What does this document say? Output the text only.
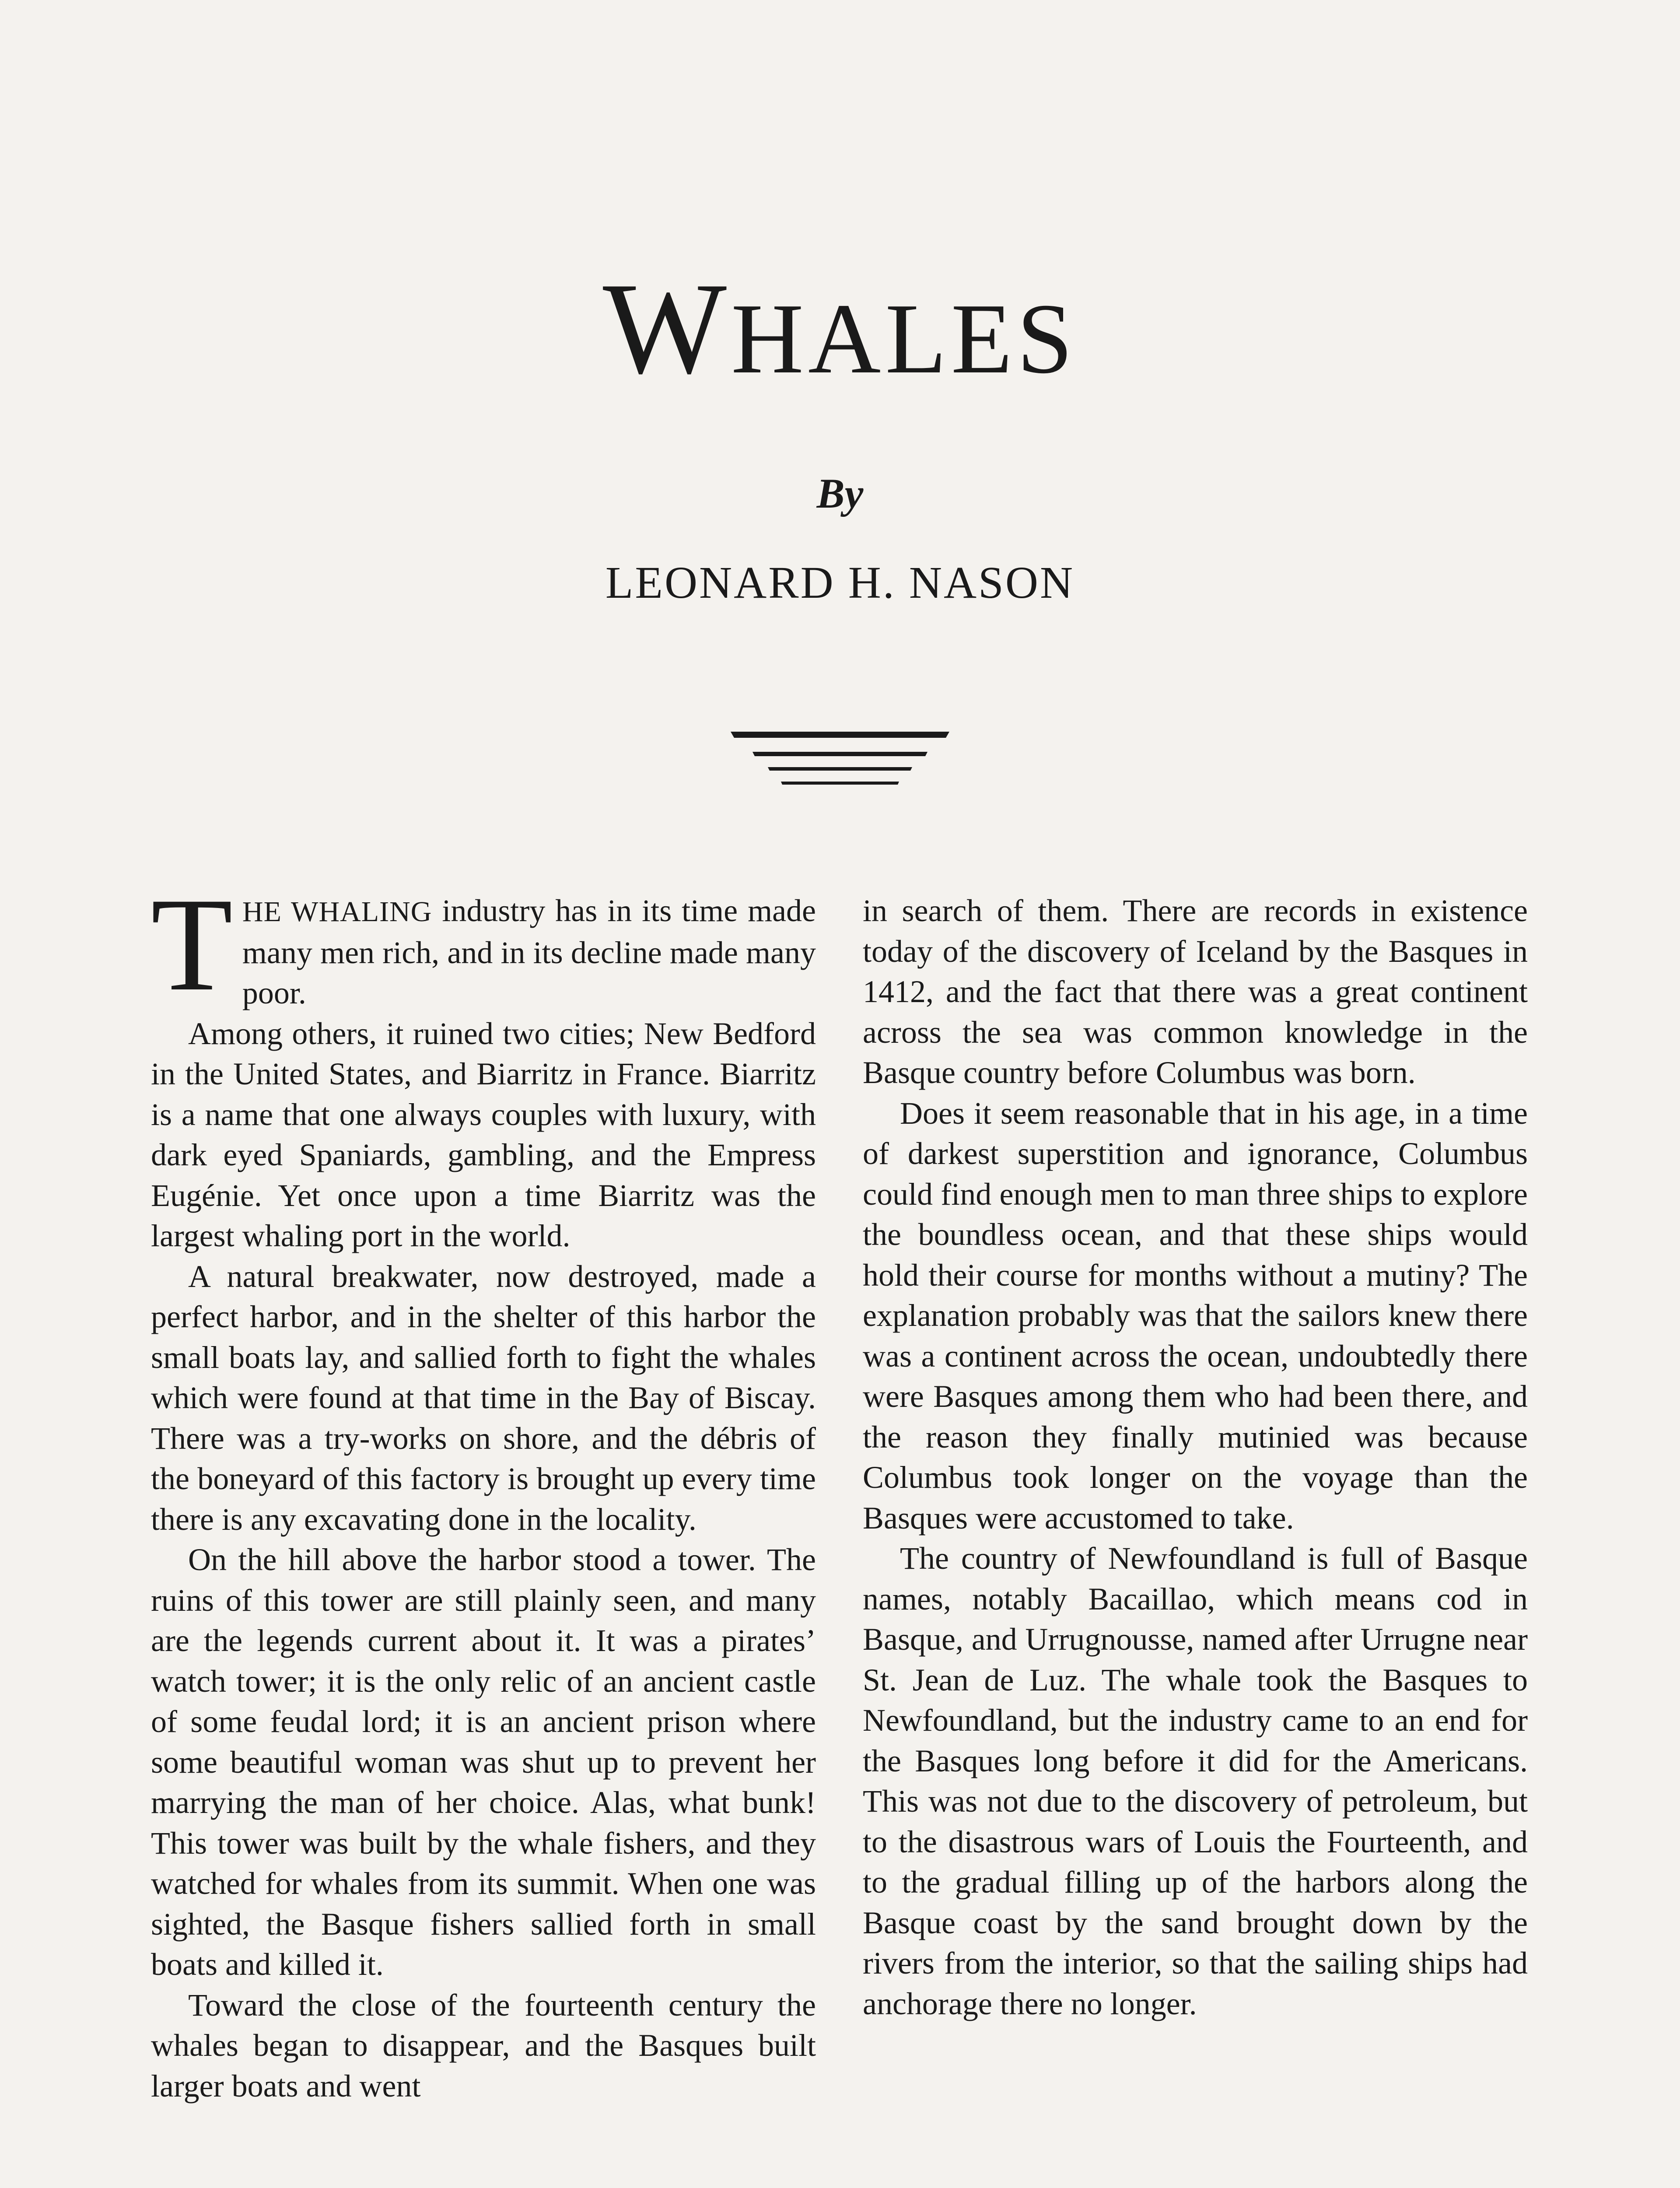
WHALES
By
LEONARD H. NASON

THE WHALING industry has in its time made many men rich, and in its decline made many poor.

Among others, it ruined two cities; New Bedford in the United States, and Biarritz in France. Biarritz is a name that one always couples with luxury, with dark eyed Spaniards, gambling, and the Empress Eugénie. Yet once upon a time Biarritz was the largest whaling port in the world.

A natural breakwater, now destroyed, made a perfect harbor, and in the shelter of this harbor the small boats lay, and sallied forth to fight the whales which were found at that time in the Bay of Biscay. There was a try-works on shore, and the débris of the boneyard of this factory is brought up every time there is any excavating done in the locality.

On the hill above the harbor stood a tower. The ruins of this tower are still plainly seen, and many are the legends current about it. It was a pirates’ watch tower; it is the only relic of an ancient castle of some feudal lord; it is an ancient prison where some beautiful woman was shut up to prevent her marrying the man of her choice. Alas, what bunk! This tower was built by the whale fishers, and they watched for whales from its summit. When one was sighted, the Basque fishers sallied forth in small boats and killed it.

Toward the close of the fourteenth century the whales began to disappear, and the Basques built larger boats and went

in search of them. There are records in existence today of the discovery of Iceland by the Basques in 1412, and the fact that there was a great continent across the sea was common knowledge in the Basque country before Columbus was born.

Does it seem reasonable that in his age, in a time of darkest superstition and ignorance, Columbus could find enough men to man three ships to explore the boundless ocean, and that these ships would hold their course for months without a mutiny? The explanation probably was that the sailors knew there was a continent across the ocean, undoubtedly there were Basques among them who had been there, and the reason they finally mutinied was because Columbus took longer on the voyage than the Basques were accustomed to take.

The country of Newfoundland is full of Basque names, notably Bacaillao, which means cod in Basque, and Urrugnousse, named after Urrugne near St. Jean de Luz. The whale took the Basques to Newfoundland, but the industry came to an end for the Basques long before it did for the Americans. This was not due to the discovery of petroleum, but to the disastrous wars of Louis the Fourteenth, and to the gradual filling up of the harbors along the Basque coast by the sand brought down by the rivers from the interior, so that the sailing ships had anchorage there no longer.
